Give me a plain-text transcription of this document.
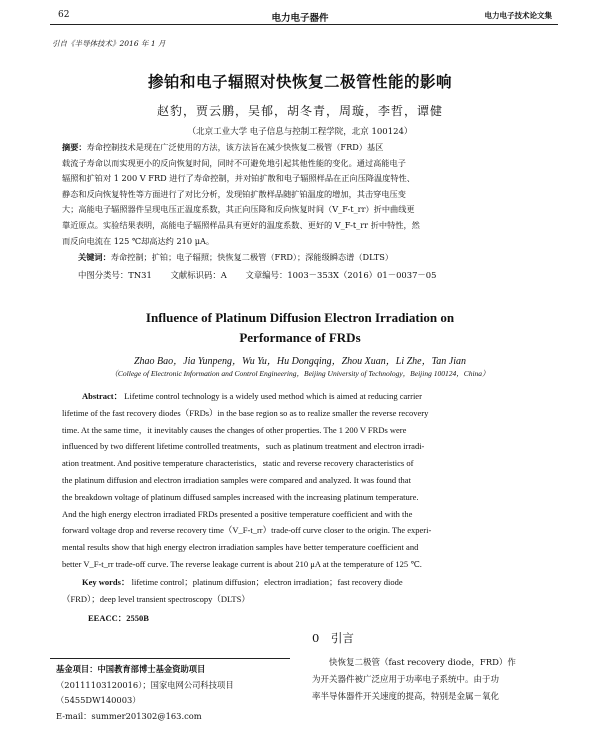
62	电力电子器件	电力电子技术论文集
引自《半导体技术》2016 年 1 月
掺铂和电子辐照对快恢复二极管性能的影响
赵豹，贾云鹏，吴郁，胡冬青，周璇，李哲，谭健
（北京工业大学 电子信息与控制工程学院，北京 100124）
摘要：寿命控制技术是现在广泛使用的方法，该方法旨在减少快恢复二极管（FRD）基区
载流子寿命以而实现更小的反向恢复时间，同时不可避免地引起其他性能的变化。通过高能电子
辐照和扩铂对 1 200 V FRD 进行了寿命控制，并对铂扩散和电子辐照样品在正向压降温度特性、
静态和反向恢复特性等方面进行了对比分析，发现铂扩散样品随扩铂温度的增加，其击穿电压变
大；高能电子辐照器件呈现电压正温度系数，其正向压降和反向恢复时间（V_F-t_rr）折中曲线更
靠近原点。实验结果表明，高能电子辐照样品具有更好的温度系数、更好的 V_F-t_rr 折中特性，然
而反向电流在 125 ℃却高达约 210 μA。
关键词：寿命控制；扩铂；电子辐照；快恢复二极管（FRD）；深能级瞬态谱（DLTS）
中图分类号：TN31 文献标识码：A 文章编号：1003－353X（2016）01－0037－05
Influence of Platinum Diffusion Electron Irradiation on
Performance of FRDs
Zhao Bao，Jia Yunpeng，Wu Yu，Hu Dongqing，Zhou Xuan，Li Zhe，Tan Jian
（College of Electronic Information and Control Engineering，Beijing University of Technology，Beijing 100124，China）
Abstract： Lifetime control technology is a widely used method which is aimed at reducing carrier
lifetime of the fast recovery diodes（FRDs）in the base region so as to realize smaller the reverse recovery
time. At the same time，it inevitably causes the changes of other properties. The 1 200 V FRDs were
influenced by two different lifetime controlled treatments，such as platinum treatment and electron irradi-
ation treatment. And positive temperature characteristics，static and reverse recovery characteristics of
the platinum diffusion and electron irradiation samples were compared and analyzed. It was found that
the breakdown voltage of platinum diffused samples increased with the increasing platinum temperature.
And the high energy electron irradiated FRDs presented a positive temperature coefficient and with the
forward voltage drop and reverse recovery time（V_F-t_rr）trade-off curve closer to the origin. The experi-
mental results show that high energy electron irradiation samples have better temperature coefficient and
better V_F-t_rr trade-off curve. The reverse leakage current is about 210 μA at the temperature of 125 ℃.
Key words： lifetime control；platinum diffusion；electron irradiation；fast recovery diode
（FRD）；deep level transient spectroscopy（DLTS）
EEACC：2550B
0　引言
基金项目：中国教育部博士基金资助项目
（20111103120016）；国家电网公司科技项目
（5455DW140003）
E-mail：summer201302@163.com
快恢复二极管（fast recovery diode，FRD）作
为开关器件被广泛应用于功率电子系统中。由于功
率半导体器件开关速度的提高，特别是金属－氧化
